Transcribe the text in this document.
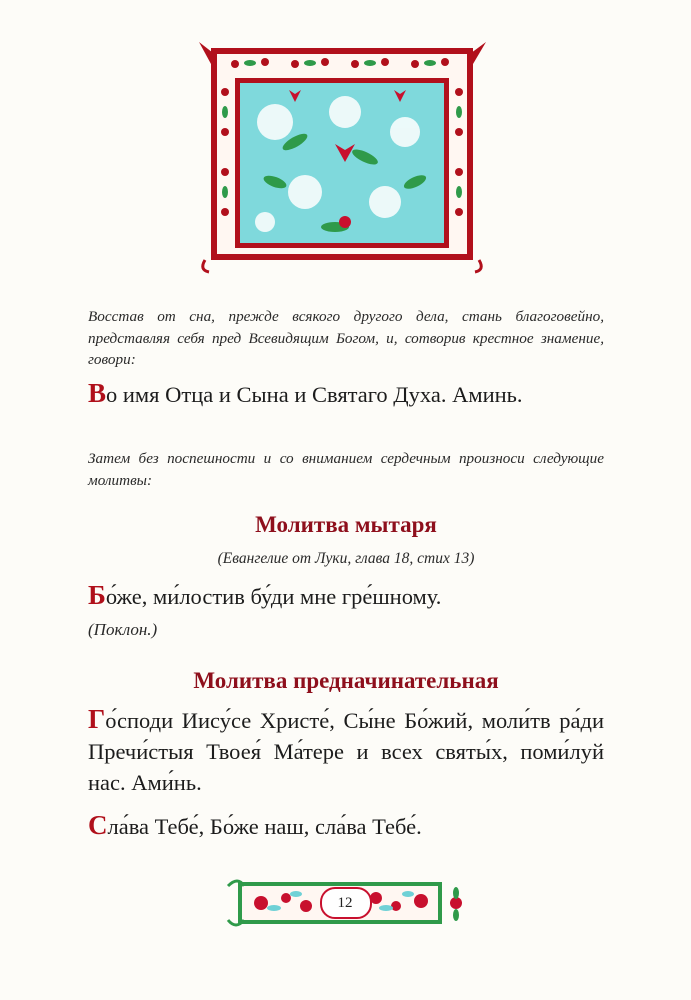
Восстав от сна, прежде всякого другого дела, стань благоговейно, представляя себя пред Всевидящим Богом, и, сотворив крестное знамение, говори:

Во имя Отца и Сына и Святаго Духа. Аминь.

Затем без поспешности и со вниманием сердечным произноси следующие молитвы:

Молитва мытаря

(Евангелие от Луки, глава 18, стих 13)

Бо́же, ми́лостив бу́ди мне гре́шному.

(Поклон.)

Молитва предначинательная

Го́споди Иису́се Христе́, Сы́не Бо́жий, моли́тв ра́ди Пречи́стыя Твоея́ Ма́тере и всех святы́х, поми́луй нас. Ами́нь.

Сла́ва Тебе́, Бо́же наш, сла́ва Тебе́.

12
